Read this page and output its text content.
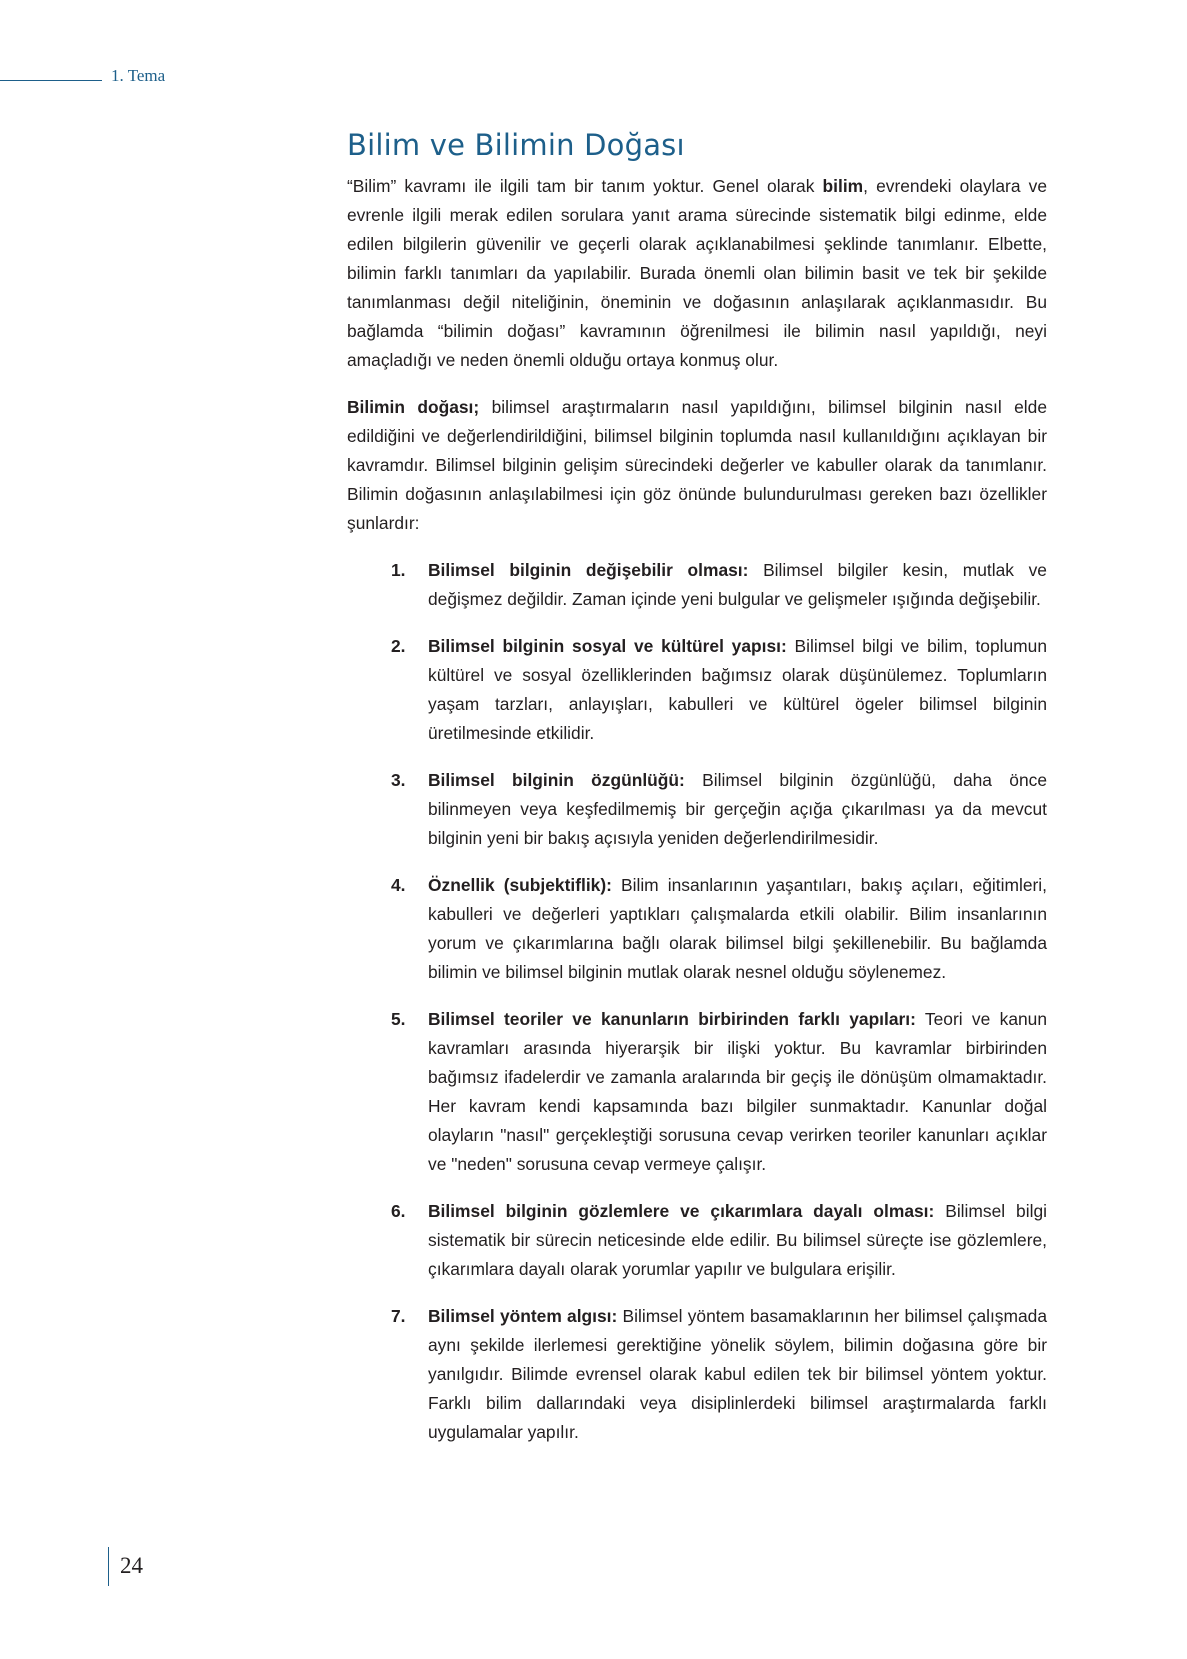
1. Tema
Bilim ve Bilimin Doğası

“Bilim” kavramı ile ilgili tam bir tanım yoktur. Genel olarak bilim, evrendeki olaylara ve evrenle ilgili merak edilen sorulara yanıt arama sürecinde sistematik bilgi edinme, elde edilen bilgilerin güvenilir ve geçerli olarak açıklanabilmesi şeklinde tanımlanır. Elbette, bilimin farklı tanımları da yapılabilir. Burada önemli olan bilimin basit ve tek bir şekilde tanımlanması değil niteliğinin, öneminin ve doğasının anlaşılarak açıklanmasıdır. Bu bağlamda “bilimin doğası” kavramının öğrenilmesi ile bilimin nasıl yapıldığı, neyi amaçladığı ve neden önemli olduğu ortaya konmuş olur.

Bilimin doğası; bilimsel araştırmaların nasıl yapıldığını, bilimsel bilginin nasıl elde edildiğini ve değerlendirildiğini, bilimsel bilginin toplumda nasıl kullanıldığını açıklayan bir kavramdır. Bilimsel bilginin gelişim sürecindeki değerler ve kabuller olarak da tanımlanır. Bilimin doğasının anlaşılabilmesi için göz önünde bulundurulması gereken bazı özellikler şunlardır:

1. Bilimsel bilginin değişebilir olması: Bilimsel bilgiler kesin, mutlak ve değişmez değildir. Zaman içinde yeni bulgular ve gelişmeler ışığında değişebilir.
2. Bilimsel bilginin sosyal ve kültürel yapısı: Bilimsel bilgi ve bilim, toplumun kültürel ve sosyal özelliklerinden bağımsız olarak düşünülemez. Toplumların yaşam tarzları, anlayışları, kabulleri ve kültürel ögeler bilimsel bilginin üretilmesinde etkilidir.
3. Bilimsel bilginin özgünlüğü: Bilimsel bilginin özgünlüğü, daha önce bilinmeyen veya keşfedilmemiş bir gerçeğin açığa çıkarılması ya da mevcut bilginin yeni bir bakış açısıyla yeniden değerlendirilmesidir.
4. Öznellik (subjektiflik): Bilim insanlarının yaşantıları, bakış açıları, eğitimleri, kabulleri ve değerleri yaptıkları çalışmalarda etkili olabilir. Bilim insanlarının yorum ve çıkarımlarına bağlı olarak bilimsel bilgi şekillenebilir. Bu bağlamda bilimin ve bilimsel bilginin mutlak olarak nesnel olduğu söylenemez.
5. Bilimsel teoriler ve kanunların birbirinden farklı yapıları: Teori ve kanun kavramları arasında hiyerarşik bir ilişki yoktur. Bu kavramlar birbirinden bağımsız ifadelerdir ve zamanla aralarında bir geçiş ile dönüşüm olmamaktadır. Her kavram kendi kapsamında bazı bilgiler sunmaktadır. Kanunlar doğal olayların "nasıl" gerçekleştiği sorusuna cevap verirken teoriler kanunları açıklar ve "neden" sorusuna cevap vermeye çalışır.
6. Bilimsel bilginin gözlemlere ve çıkarımlara dayalı olması: Bilimsel bilgi sistematik bir sürecin neticesinde elde edilir. Bu bilimsel süreçte ise gözlemlere, çıkarımlara dayalı olarak yorumlar yapılır ve bulgulara erişilir.
7. Bilimsel yöntem algısı: Bilimsel yöntem basamaklarının her bilimsel çalışmada aynı şekilde ilerlemesi gerektiğine yönelik söylem, bilimin doğasına göre bir yanılgıdır. Bilimde evrensel olarak kabul edilen tek bir bilimsel yöntem yoktur. Farklı bilim dallarındaki veya disiplinlerdeki bilimsel araştırmalarda farklı uygulamalar yapılır.
24
